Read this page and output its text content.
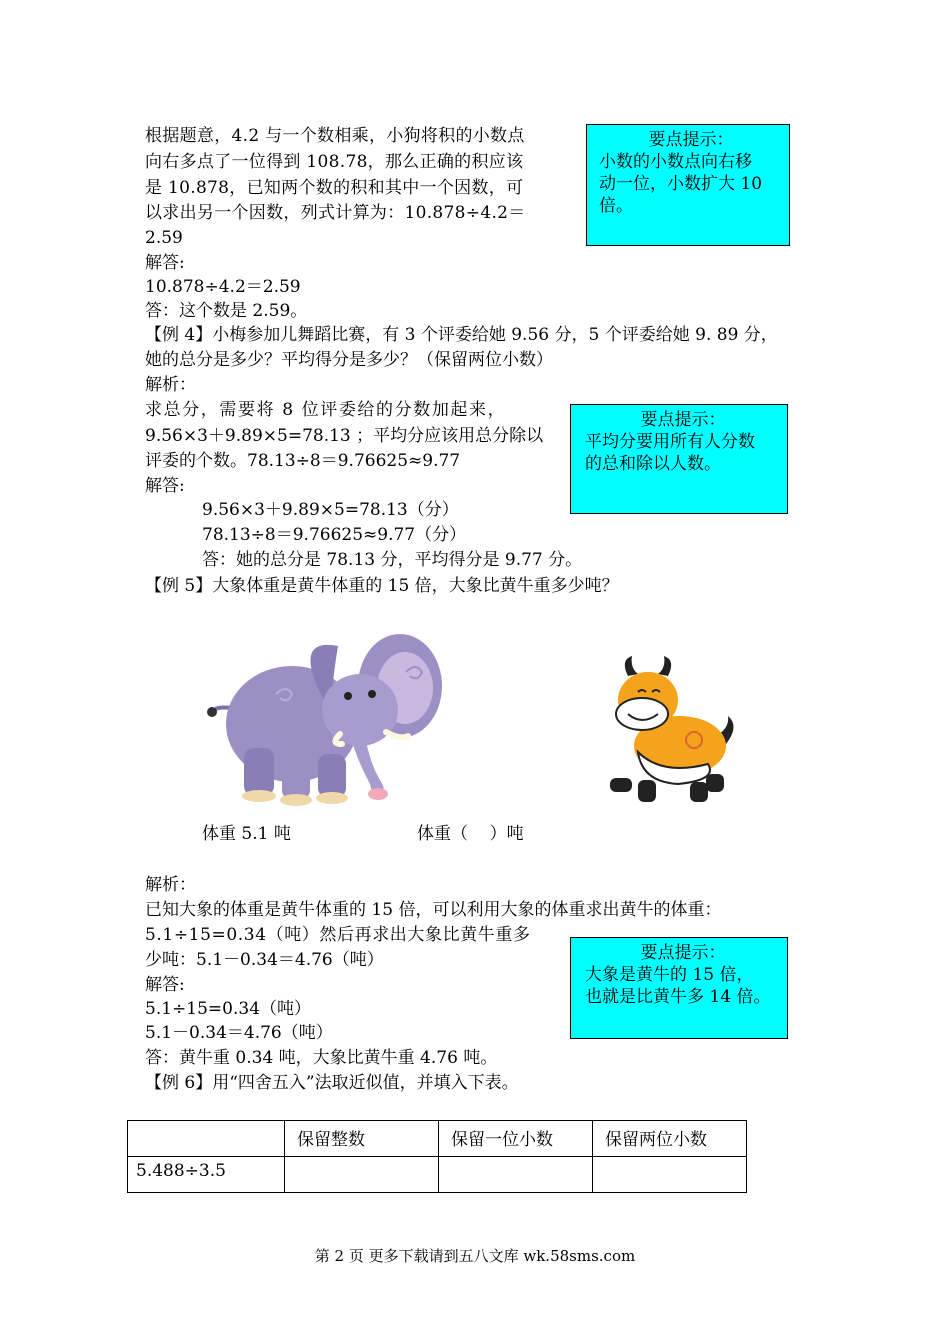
根据题意，4.2 与一个数相乘，小狗将积的小数点
向右多点了一位得到 108.78，那么正确的积应该
是 10.878，已知两个数的积和其中一个因数，可
以求出另一个因数，列式计算为：10.878÷4.2＝
2.59
解答:
10.878÷4.2＝2.59
答：这个数是 2.59。
要点提示：
小数的小数点向右移
动一位，小数扩大 10
倍。
【例 4】小梅参加儿舞蹈比赛，有 3 个评委给她 9.56 分，5 个评委给她 9. 89 分，
她的总分是多少？平均得分是多少？（保留两位小数）
解析：
求总分，需要将 8 位评委给的分数加起来，
9.56×3＋9.89×5=78.13 ；平均分应该用总分除以
评委的个数。78.13÷8＝9.76625≈9.77
解答:
9.56×3＋9.89×5=78.13（分）
78.13÷8＝9.76625≈9.77（分）
答：她的总分是 78.13 分，平均得分是 9.77 分。
要点提示：
平均分要用所有人分数
的总和除以人数。
【例 5】大象体重是黄牛体重的 15 倍，大象比黄牛重多少吨？
体重 5.1 吨	体重（    ）吨
解析：
已知大象的体重是黄牛体重的 15 倍，可以利用大象的体重求出黄牛的体重：
5.1÷15=0.34（吨）然后再求出大象比黄牛重多
少吨：5.1－0.34＝4.76（吨）
解答:
5.1÷15=0.34（吨）
5.1－0.34＝4.76（吨）
答：黄牛重 0.34 吨，大象比黄牛重 4.76 吨。
要点提示：
大象是黄牛的 15 倍，
也就是比黄牛多 14 倍。
【例 6】用“四舍五入”法取近似值，并填入下表。
	保留整数	保留一位小数	保留两位小数
5.488÷3.5			
第 2 页 更多下载请到五八文库 wk.58sms.com
